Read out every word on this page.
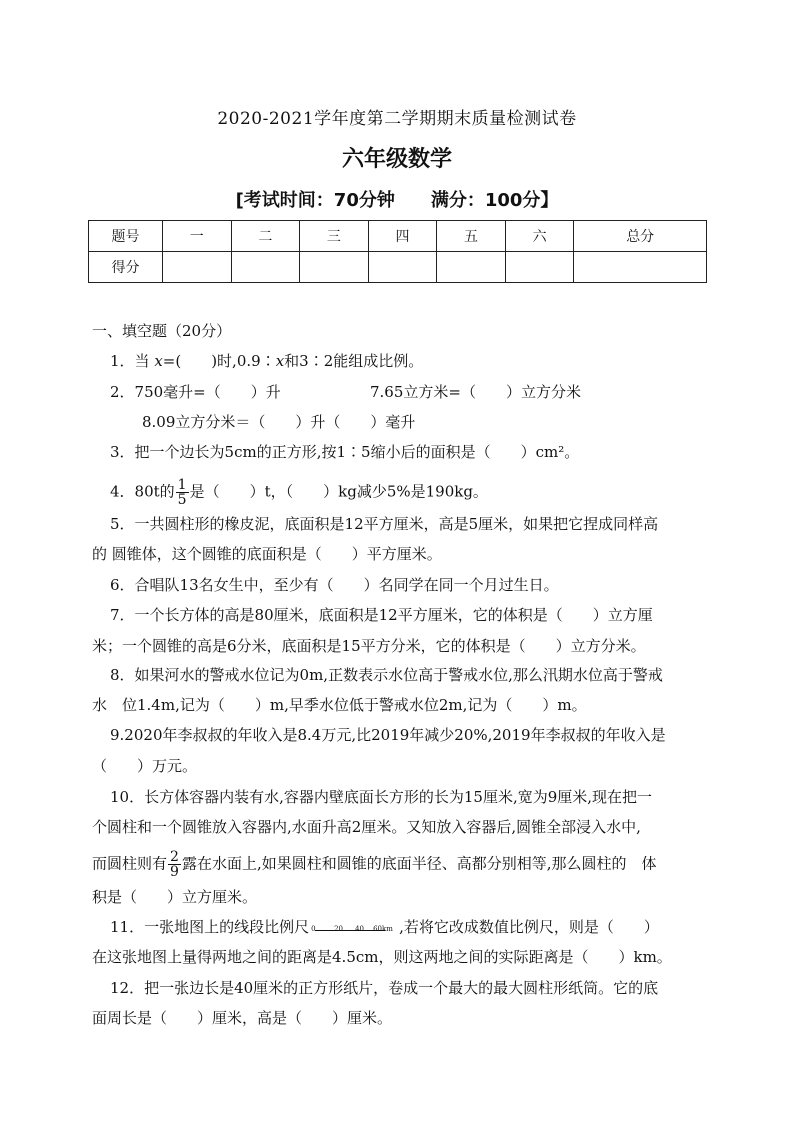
2020-2021学年度第二学期期末质量检测试卷
六年级数学
[考试时间：70分钟 满分：100分】
题号	一	二	三	四	五	六	总分
得分							
一、填空题（20分）
1．当 x=(　　)时,0.9∶x和3∶2能组成比例。
2．750毫升=（　　）升	7.65立方米=（　　）立方分米
8.09立方分米＝（　　）升（　　）毫升
3．把一个边长为5cm的正方形,按1∶5缩小后的面积是（　　）cm²。
4．80t的 $\frac{1}{5}$ 是（　　）t，（　　）kg减少5%是190kg。
5．一共圆柱形的橡皮泥，底面积是12平方厘米，高是5厘米，如果把它捏成同样高
的 圆锥体，这个圆锥的底面积是（　　）平方厘米。
6．合唱队13名女生中，至少有（　　）名同学在同一个月过生日。
7．一个长方体的高是80厘米，底面积是12平方厘米，它的体积是（　　）立方厘
米；一个圆锥的高是6分米，底面积是15平方分米，它的体积是（　　）立方分米。
8．如果河水的警戒水位记为0m,正数表示水位高于警戒水位,那么汛期水位高于警戒
水　位1.4m,记为（　　）m,早季水位低于警戒水位2m,记为（　　）m。
9.2020年李叔叔的年收入是8.4万元,比2019年减少20%,2019年李叔叔的年收入是
（　　）万元。
10．长方体容器内装有水,容器内壁底面长方形的长为15厘米,宽为9厘米,现在把一
个圆柱和一个圆锥放入容器内,水面升高2厘米。又知放入容器后,圆锥全部浸入水中,
而圆柱则有 $\frac{2}{9}$ 露在水面上,如果圆柱和圆锥的底面半径、高都分别相等,那么圆柱的　体
积是（　　）立方厘米。
11．一张地图上的线段比例尺 0	20 40 60km ,若将它改成数值比例尺，则是（　　）
在这张地图上量得两地之间的距离是4.5cm，则这两地之间的实际距离是（　　）km。
12．把一张边长是40厘米的正方形纸片，卷成一个最大的最大圆柱形纸筒。它的底
面周长是（　　）厘米，高是（　　）厘米。
